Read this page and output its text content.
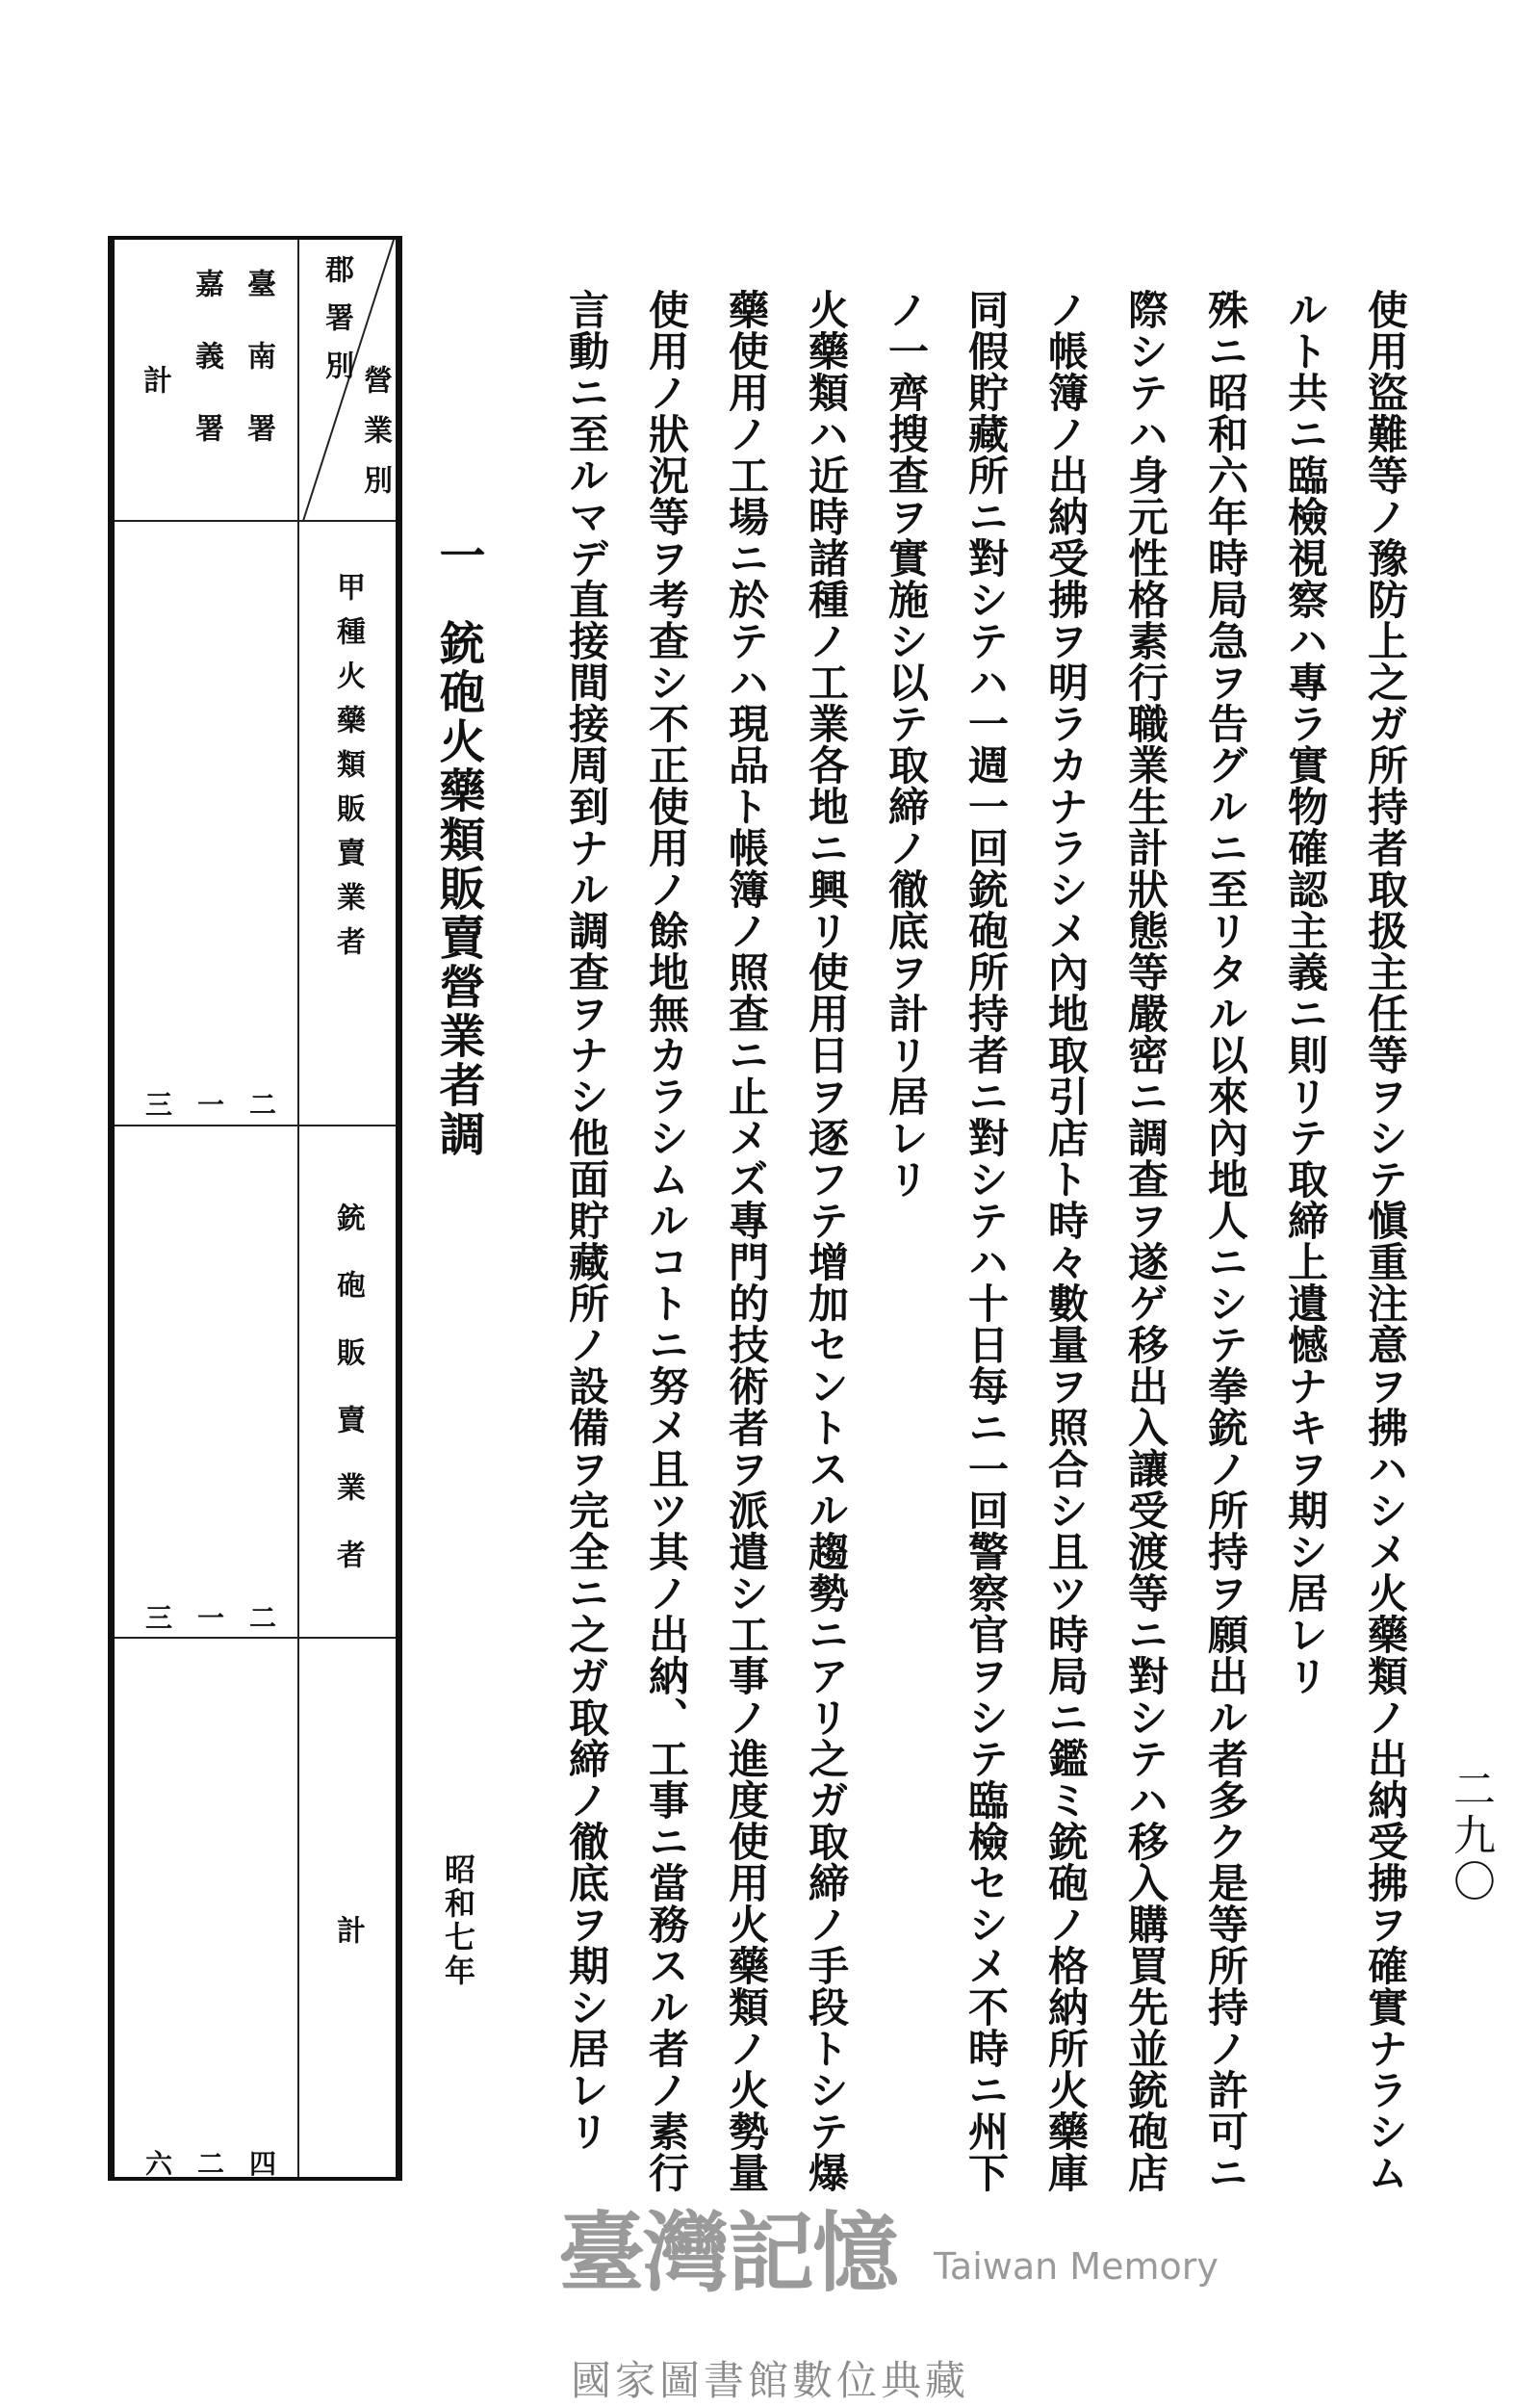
二九〇
使用盜難等ノ豫防上之ガ所持者取扱主任等ヲシテ愼重注意ヲ拂ハシメ火藥類ノ出納受拂ヲ確實ナラシム
ルト共ニ臨檢視察ハ專ラ實物確認主義ニ則リテ取締上遺憾ナキヲ期シ居レリ
殊ニ昭和六年時局急ヲ告グルニ至リタル以來內地人ニシテ拳銃ノ所持ヲ願出ル者多ク是等所持ノ許可ニ
際シテハ身元性格素行職業生計狀態等嚴密ニ調查ヲ遂ゲ移出入讓受渡等ニ對シテハ移入購買先並銃砲店
ノ帳簿ノ出納受拂ヲ明ラカナラシメ內地取引店ト時々數量ヲ照合シ且ツ時局ニ鑑ミ銃砲ノ格納所火藥庫
同假貯藏所ニ對シテハ一週一回銃砲所持者ニ對シテハ十日每ニ一回警察官ヲシテ臨檢セシメ不時ニ州下
ノ一齊搜查ヲ實施シ以テ取締ノ徹底ヲ計リ居レリ
火藥類ハ近時諸種ノ工業各地ニ興リ使用日ヲ逐フテ增加セントスル趨勢ニアリ之ガ取締ノ手段トシテ爆
藥使用ノ工場ニ於テハ現品ト帳簿ノ照查ニ止メズ專門的技術者ヲ派遣シ工事ノ進度使用火藥類ノ火勢量
使用ノ狀況等ヲ考查シ不正使用ノ餘地無カラシムルコトニ努メ且ツ其ノ出納、工事ニ當務スル者ノ素行
言動ニ至ルマデ直接間接周到ナル調查ヲナシ他面貯藏所ノ設備ヲ完全ニ之ガ取締ノ徹底ヲ期シ居レリ
一銃砲火藥類販賣營業者調
昭和七年
營業別
郡署別
臺南署
嘉義署
計
甲種火藥類販賣業者
銃砲販賣業者
計
二
一
三
二
一
三
四
二
六
臺灣記憶 Taiwan Memory
國家圖書館數位典藏
